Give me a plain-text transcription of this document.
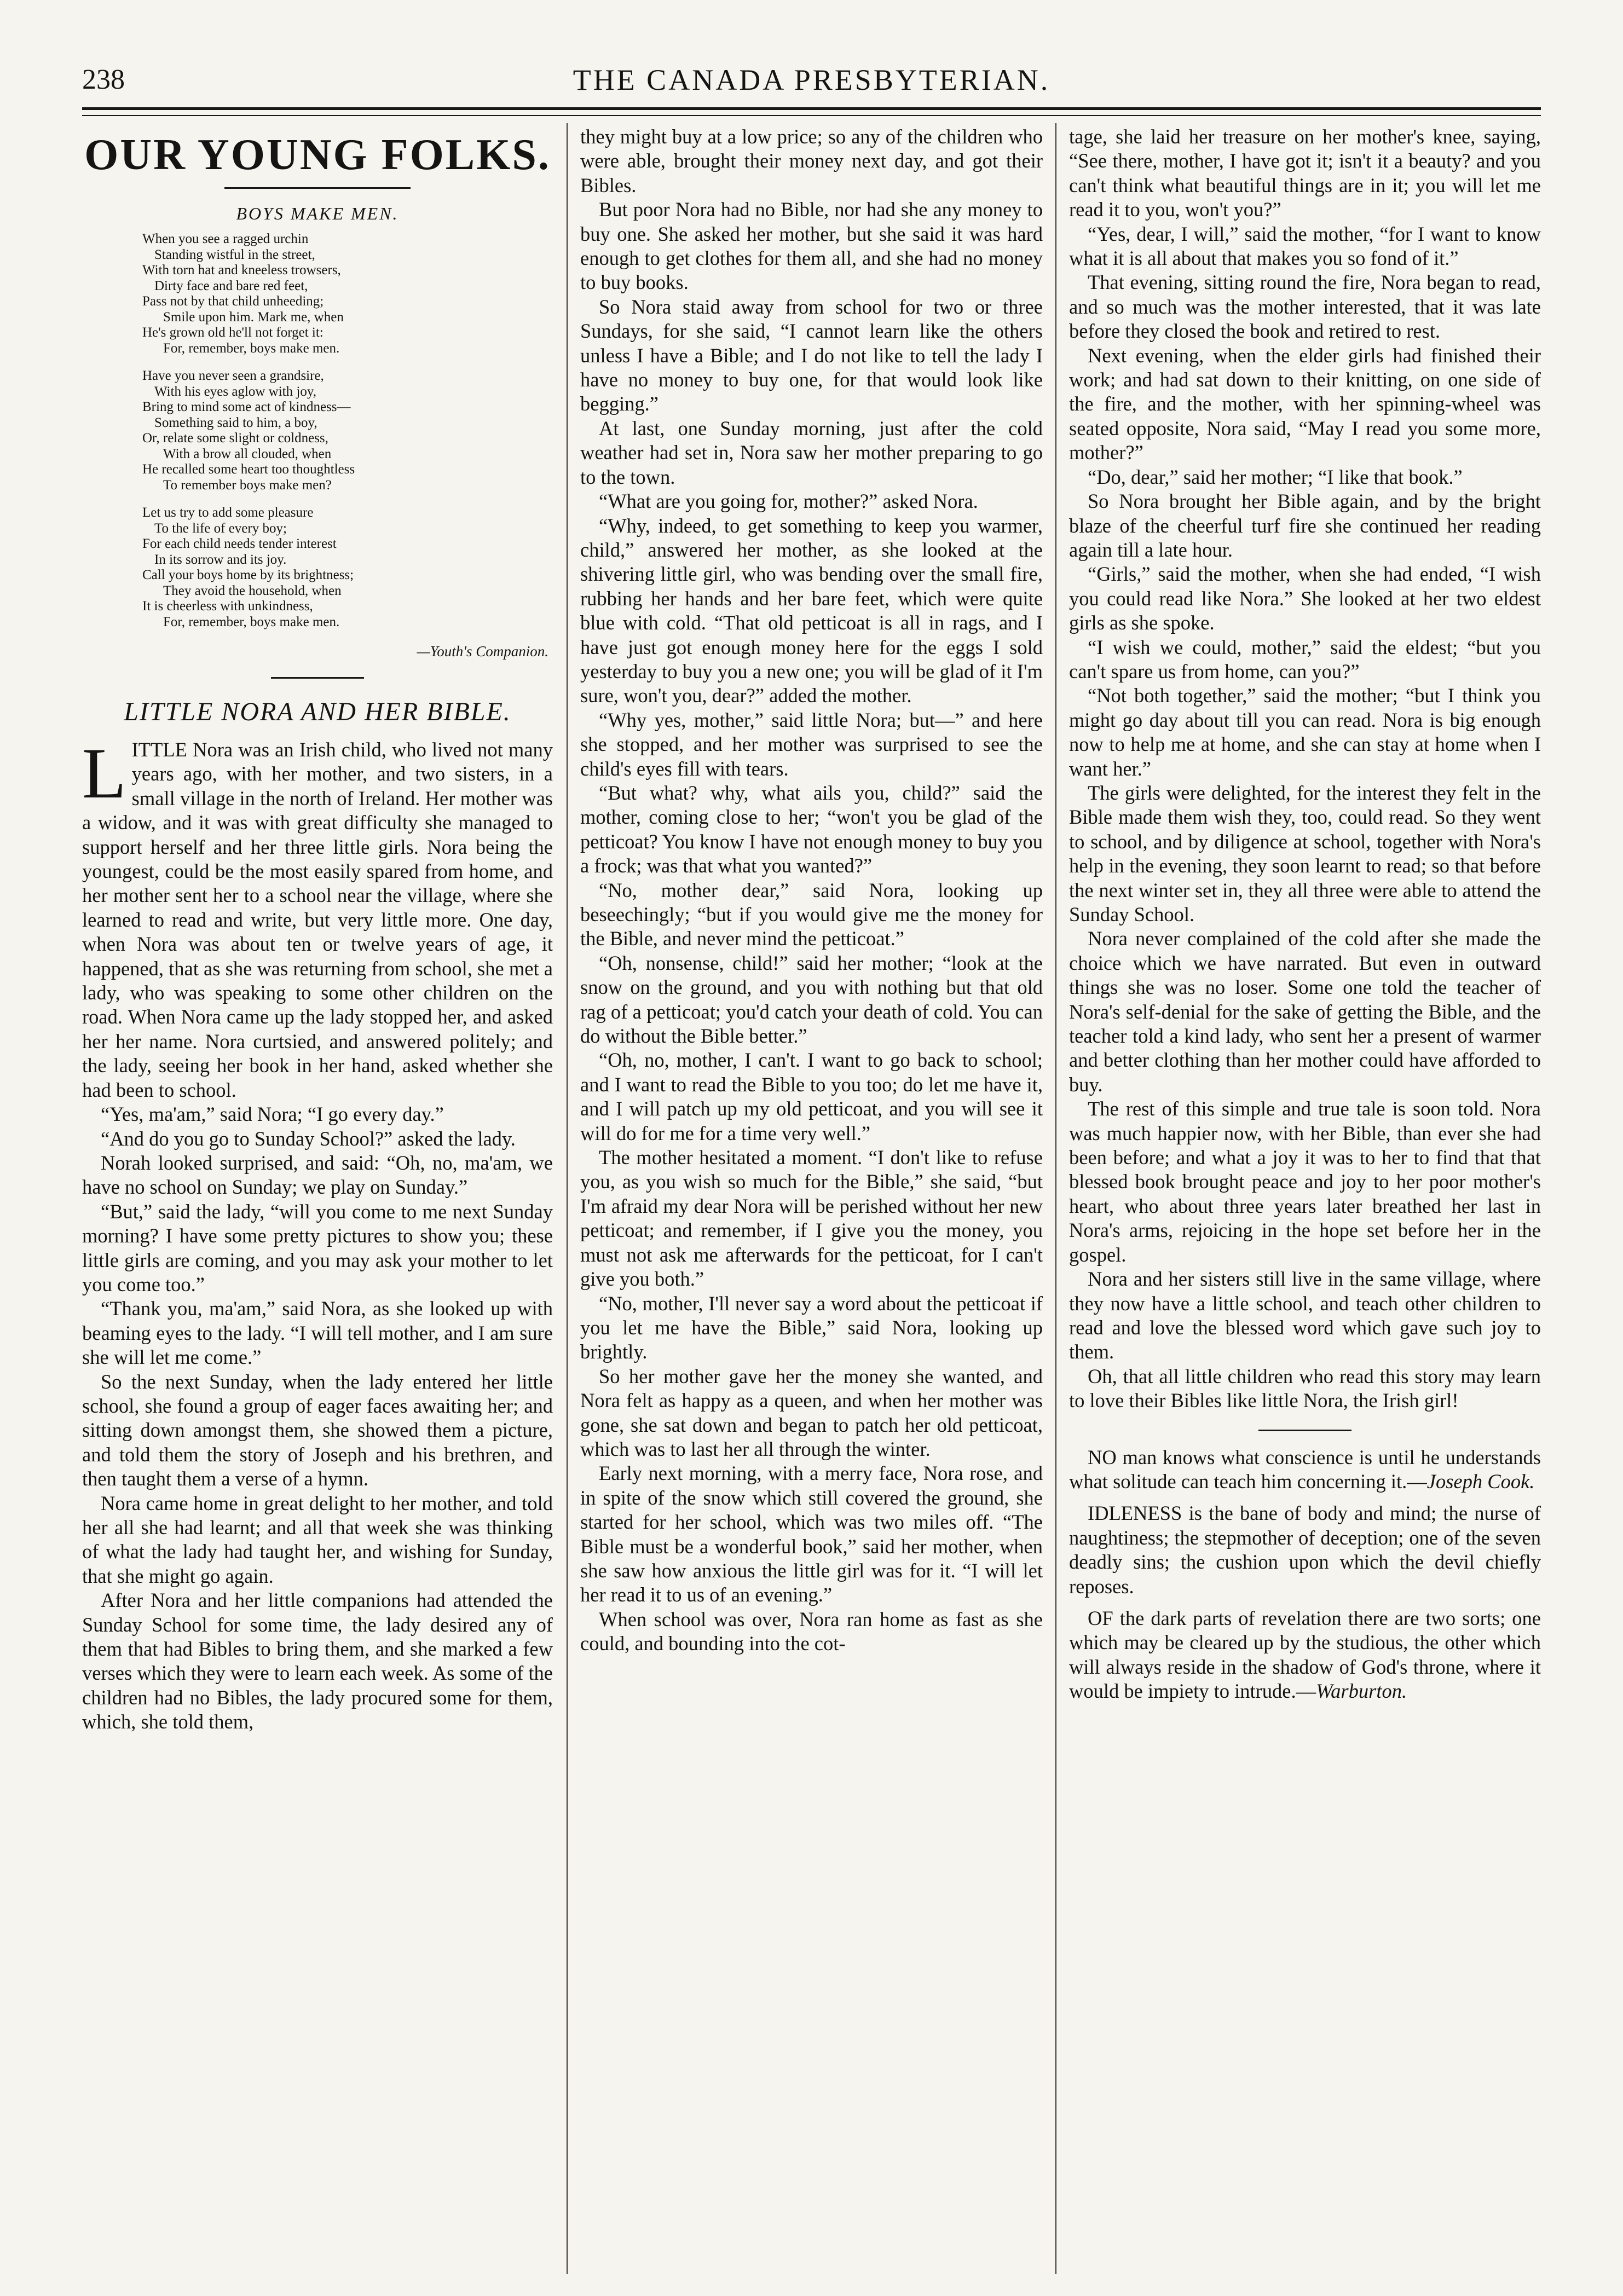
238	THE CANADA PRESBYTERIAN.
OUR YOUNG FOLKS.
BOYS MAKE MEN.
When you see a ragged urchin
Standing wistful in the street,
With torn hat and kneeless trowsers,
Dirty face and bare red feet,
Pass not by that child unheeding;
Smile upon him. Mark me, when
He's grown old he'll not forget it:
For, remember, boys make men.
Have you never seen a grandsire,
With his eyes aglow with joy,
Bring to mind some act of kindness—
Something said to him, a boy,
Or, relate some slight or coldness,
With a brow all clouded, when
He recalled some heart too thoughtless
To remember boys make men?
Let us try to add some pleasure
To the life of every boy;
For each child needs tender interest
In its sorrow and its joy.
Call your boys home by its brightness;
They avoid the household, when
It is cheerless with unkindness,
For, remember, boys make men.
—Youth's Companion.
LITTLE NORA AND HER BIBLE.

LITTLE Nora was an Irish child, who lived not many years ago, with her mother, and two sisters, in a small village in the north of Ireland. Her mother was a widow, and it was with great difficulty she managed to support herself and her three little girls. Nora being the youngest, could be the most easily spared from home, and her mother sent her to a school near the village, where she learned to read and write, but very little more. One day, when Nora was about ten or twelve years of age, it happened, that as she was returning from school, she met a lady, who was speaking to some other children on the road. When Nora came up the lady stopped her, and asked her her name. Nora curtsied, and answered politely; and the lady, seeing her book in her hand, asked whether she had been to school.

“Yes, ma'am,” said Nora; “I go every day.”

“And do you go to Sunday School?” asked the lady.

Norah looked surprised, and said: “Oh, no, ma'am, we have no school on Sunday; we play on Sunday.”

“But,” said the lady, “will you come to me next Sunday morning? I have some pretty pictures to show you; these little girls are coming, and you may ask your mother to let you come too.”

“Thank you, ma'am,” said Nora, as she looked up with beaming eyes to the lady. “I will tell mother, and I am sure she will let me come.”

So the next Sunday, when the lady entered her little school, she found a group of eager faces awaiting her; and sitting down amongst them, she showed them a picture, and told them the story of Joseph and his brethren, and then taught them a verse of a hymn.

Nora came home in great delight to her mother, and told her all she had learnt; and all that week she was thinking of what the lady had taught her, and wishing for Sunday, that she might go again.

After Nora and her little companions had attended the Sunday School for some time, the lady desired any of them that had Bibles to bring them, and she marked a few verses which they were to learn each week. As some of the children had no Bibles, the lady procured some for them, which, she told them,

they might buy at a low price; so any of the children who were able, brought their money next day, and got their Bibles.

But poor Nora had no Bible, nor had she any money to buy one. She asked her mother, but she said it was hard enough to get clothes for them all, and she had no money to buy books.

So Nora staid away from school for two or three Sundays, for she said, “I cannot learn like the others unless I have a Bible; and I do not like to tell the lady I have no money to buy one, for that would look like begging.”

At last, one Sunday morning, just after the cold weather had set in, Nora saw her mother preparing to go to the town.

“What are you going for, mother?” asked Nora.

“Why, indeed, to get something to keep you warmer, child,” answered her mother, as she looked at the shivering little girl, who was bending over the small fire, rubbing her hands and her bare feet, which were quite blue with cold. “That old petticoat is all in rags, and I have just got enough money here for the eggs I sold yesterday to buy you a new one; you will be glad of it I'm sure, won't you, dear?” added the mother.

“Why yes, mother,” said little Nora; but—” and here she stopped, and her mother was surprised to see the child's eyes fill with tears.

“But what? why, what ails you, child?” said the mother, coming close to her; “won't you be glad of the petticoat? You know I have not enough money to buy you a frock; was that what you wanted?”

“No, mother dear,” said Nora, looking up beseechingly; “but if you would give me the money for the Bible, and never mind the petticoat.”

“Oh, nonsense, child!” said her mother; “look at the snow on the ground, and you with nothing but that old rag of a petticoat; you'd catch your death of cold. You can do without the Bible better.”

“Oh, no, mother, I can't. I want to go back to school; and I want to read the Bible to you too; do let me have it, and I will patch up my old petticoat, and you will see it will do for me for a time very well.”

The mother hesitated a moment. “I don't like to refuse you, as you wish so much for the Bible,” she said, “but I'm afraid my dear Nora will be perished without her new petticoat; and remember, if I give you the money, you must not ask me afterwards for the petticoat, for I can't give you both.”

“No, mother, I'll never say a word about the petticoat if you let me have the Bible,” said Nora, looking up brightly.

So her mother gave her the money she wanted, and Nora felt as happy as a queen, and when her mother was gone, she sat down and began to patch her old petticoat, which was to last her all through the winter.

Early next morning, with a merry face, Nora rose, and in spite of the snow which still covered the ground, she started for her school, which was two miles off. “The Bible must be a wonderful book,” said her mother, when she saw how anxious the little girl was for it. “I will let her read it to us of an evening.”

When school was over, Nora ran home as fast as she could, and bounding into the cot-

tage, she laid her treasure on her mother's knee, saying, “See there, mother, I have got it; isn't it a beauty? and you can't think what beautiful things are in it; you will let me read it to you, won't you?”

“Yes, dear, I will,” said the mother, “for I want to know what it is all about that makes you so fond of it.”

That evening, sitting round the fire, Nora began to read, and so much was the mother interested, that it was late before they closed the book and retired to rest.

Next evening, when the elder girls had finished their work; and had sat down to their knitting, on one side of the fire, and the mother, with her spinning-wheel was seated opposite, Nora said, “May I read you some more, mother?”

“Do, dear,” said her mother; “I like that book.”

So Nora brought her Bible again, and by the bright blaze of the cheerful turf fire she continued her reading again till a late hour.

“Girls,” said the mother, when she had ended, “I wish you could read like Nora.” She looked at her two eldest girls as she spoke.

“I wish we could, mother,” said the eldest; “but you can't spare us from home, can you?”

“Not both together,” said the mother; “but I think you might go day about till you can read. Nora is big enough now to help me at home, and she can stay at home when I want her.”

The girls were delighted, for the interest they felt in the Bible made them wish they, too, could read. So they went to school, and by diligence at school, together with Nora's help in the evening, they soon learnt to read; so that before the next winter set in, they all three were able to attend the Sunday School.

Nora never complained of the cold after she made the choice which we have narrated. But even in outward things she was no loser. Some one told the teacher of Nora's self-denial for the sake of getting the Bible, and the teacher told a kind lady, who sent her a present of warmer and better clothing than her mother could have afforded to buy.

The rest of this simple and true tale is soon told. Nora was much happier now, with her Bible, than ever she had been before; and what a joy it was to her to find that that blessed book brought peace and joy to her poor mother's heart, who about three years later breathed her last in Nora's arms, rejoicing in the hope set before her in the gospel.

Nora and her sisters still live in the same village, where they now have a little school, and teach other children to read and love the blessed word which gave such joy to them.

Oh, that all little children who read this story may learn to love their Bibles like little Nora, the Irish girl!

NO man knows what conscience is until he understands what solitude can teach him concerning it.—Joseph Cook.

IDLENESS is the bane of body and mind; the nurse of naughtiness; the stepmother of deception; one of the seven deadly sins; the cushion upon which the devil chiefly reposes.

OF the dark parts of revelation there are two sorts; one which may be cleared up by the studious, the other which will always reside in the shadow of God's throne, where it would be impiety to intrude.—Warburton.
